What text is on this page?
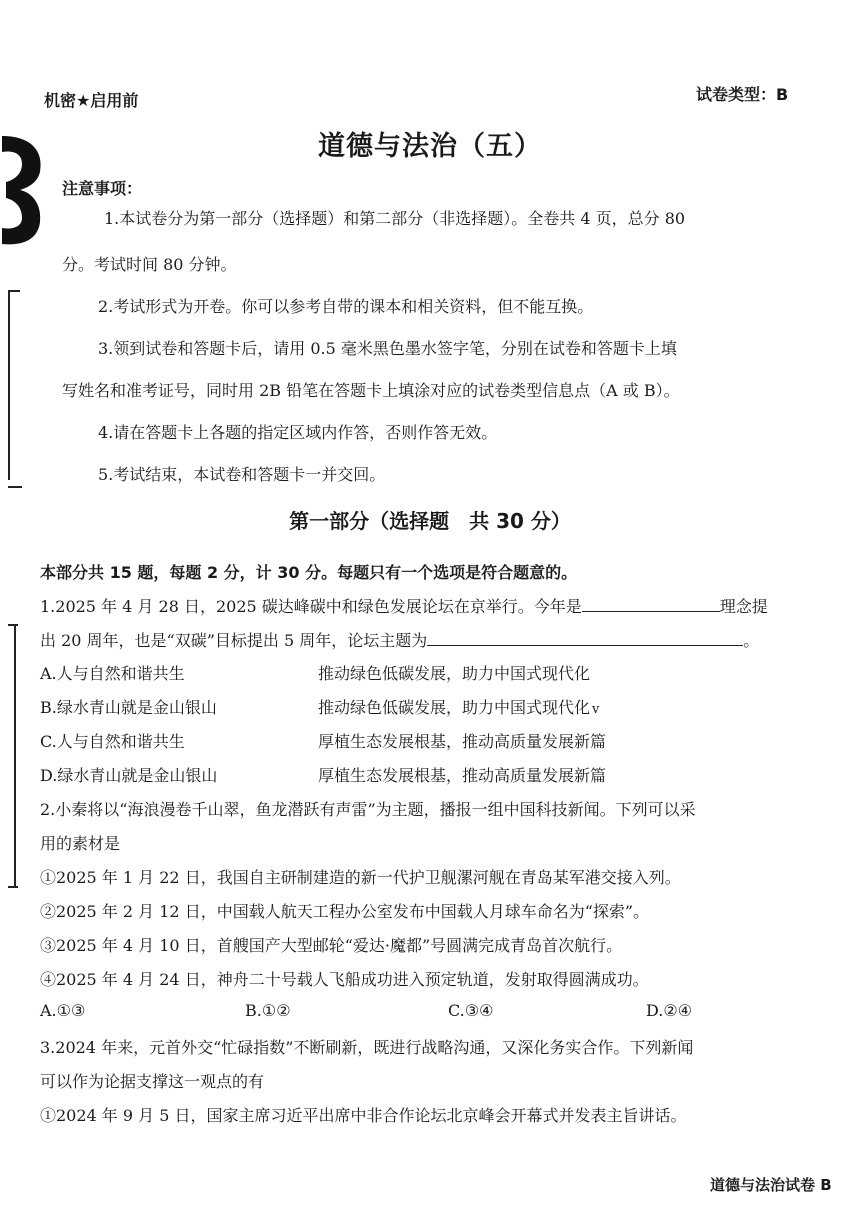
机密★启用前	试卷类型：B
道德与法治（五）
注意事项：
1.本试卷分为第一部分（选择题）和第二部分（非选择题）。全卷共 4 页，总分 80
分。考试时间 80 分钟。
2.考试形式为开卷。你可以参考自带的课本和相关资料，但不能互换。
3.领到试卷和答题卡后，请用 0.5 毫米黑色墨水签字笔，分别在试卷和答题卡上填
写姓名和准考证号，同时用 2B 铅笔在答题卡上填涂对应的试卷类型信息点（A 或 B）。
4.请在答题卡上各题的指定区域内作答，否则作答无效。
5.考试结束，本试卷和答题卡一并交回。
第一部分（选择题　共 30 分）
本部分共 15 题，每题 2 分，计 30 分。每题只有一个选项是符合题意的。
1.2025 年 4 月 28 日，2025 碳达峰碳中和绿色发展论坛在京举行。今年是	理念提
出 20 周年，也是“双碳”目标提出 5 周年，论坛主题为	。
A.人与自然和谐共生	推动绿色低碳发展，助力中国式现代化
B.绿水青山就是金山银山	推动绿色低碳发展，助力中国式现代化 v
C.人与自然和谐共生	厚植生态发展根基，推动高质量发展新篇
D.绿水青山就是金山银山	厚植生态发展根基，推动高质量发展新篇
2.小秦将以“海浪漫卷千山翠，鱼龙潜跃有声雷”为主题，播报一组中国科技新闻。下列可以采
用的素材是
①2025 年 1 月 22 日，我国自主研制建造的新一代护卫舰漯河舰在青岛某军港交接入列。
②2025 年 2 月 12 日，中国载人航天工程办公室发布中国载人月球车命名为“探索”。
③2025 年 4 月 10 日，首艘国产大型邮轮“爱达·魔都”号圆满完成青岛首次航行。
④2025 年 4 月 24 日，神舟二十号载人飞船成功进入预定轨道，发射取得圆满成功。
A.①③	B.①②	C.③④	D.②④
3.2024 年来，元首外交“忙碌指数”不断刷新，既进行战略沟通，又深化务实合作。下列新闻
可以作为论据支撑这一观点的有
①2024 年 9 月 5 日，国家主席习近平出席中非合作论坛北京峰会开幕式并发表主旨讲话。
道德与法治试卷 B
